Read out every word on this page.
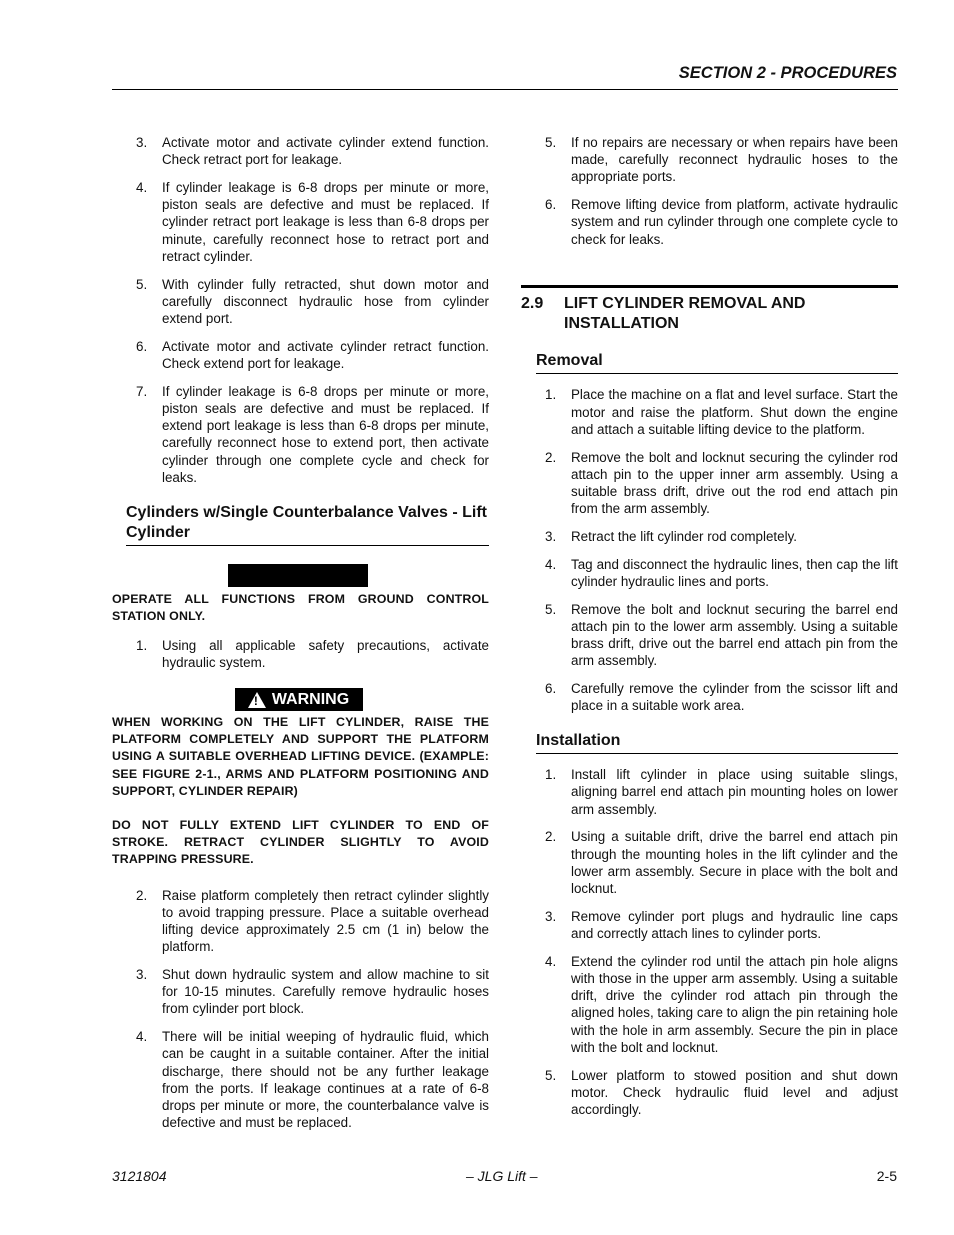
SECTION 2 - PROCEDURES
3. Activate motor and activate cylinder extend function. Check retract port for leakage.
4. If cylinder leakage is 6-8 drops per minute or more, piston seals are defective and must be replaced. If cylinder retract port leakage is less than 6-8 drops per minute, carefully reconnect hose to retract port and retract cylinder.
5. With cylinder fully retracted, shut down motor and carefully disconnect hydraulic hose from cylinder extend port.
6. Activate motor and activate cylinder retract function. Check extend port for leakage.
7. If cylinder leakage is 6-8 drops per minute or more, piston seals are defective and must be replaced. If extend port leakage is less than 6-8 drops per minute, carefully reconnect hose to extend port, then activate cylinder through one complete cycle and check for leaks.
Cylinders w/Single Counterbalance Valves - Lift Cylinder

OPERATE ALL FUNCTIONS FROM GROUND CONTROL STATION ONLY.

1. Using all applicable safety precautions, activate hydraulic system.
! WARNING

WHEN WORKING ON THE LIFT CYLINDER, RAISE THE PLATFORM COMPLETELY AND SUPPORT THE PLATFORM USING A SUITABLE OVERHEAD LIFTING DEVICE. (EXAMPLE: SEE FIGURE 2-1., ARMS AND PLATFORM POSITIONING AND SUPPORT, CYLINDER REPAIR)

DO NOT FULLY EXTEND LIFT CYLINDER TO END OF STROKE. RETRACT CYLINDER SLIGHTLY TO AVOID TRAPPING PRESSURE.

2. Raise platform completely then retract cylinder slightly to avoid trapping pressure. Place a suitable overhead lifting device approximately 2.5 cm (1 in) below the platform.
3. Shut down hydraulic system and allow machine to sit for 10-15 minutes. Carefully remove hydraulic hoses from cylinder port block.
4. There will be initial weeping of hydraulic fluid, which can be caught in a suitable container. After the initial discharge, there should not be any further leakage from the ports. If leakage continues at a rate of 6-8 drops per minute or more, the counterbalance valve is defective and must be replaced.
5. If no repairs are necessary or when repairs have been made, carefully reconnect hydraulic hoses to the appropriate ports.
6. Remove lifting device from platform, activate hydraulic system and run cylinder through one complete cycle to check for leaks.
2.9 LIFT CYLINDER REMOVAL AND INSTALLATION
Removal
1. Place the machine on a flat and level surface. Start the motor and raise the platform. Shut down the engine and attach a suitable lifting device to the platform.
2. Remove the bolt and locknut securing the cylinder rod attach pin to the upper inner arm assembly. Using a suitable brass drift, drive out the rod end attach pin from the arm assembly.
3. Retract the lift cylinder rod completely.
4. Tag and disconnect the hydraulic lines, then cap the lift cylinder hydraulic lines and ports.
5. Remove the bolt and locknut securing the barrel end attach pin to the lower arm assembly. Using a suitable brass drift, drive out the barrel end attach pin from the arm assembly.
6. Carefully remove the cylinder from the scissor lift and place in a suitable work area.
Installation
1. Install lift cylinder in place using suitable slings, aligning barrel end attach pin mounting holes on lower arm assembly.
2. Using a suitable drift, drive the barrel end attach pin through the mounting holes in the lift cylinder and the lower arm assembly. Secure in place with the bolt and locknut.
3. Remove cylinder port plugs and hydraulic line caps and correctly attach lines to cylinder ports.
4. Extend the cylinder rod until the attach pin hole aligns with those in the upper arm assembly. Using a suitable drift, drive the cylinder rod attach pin through the aligned holes, taking care to align the pin retaining hole with the hole in arm assembly. Secure the pin in place with the bolt and locknut.
5. Lower platform to stowed position and shut down motor. Check hydraulic fluid level and adjust accordingly.
3121804	– JLG Lift –	2-5
